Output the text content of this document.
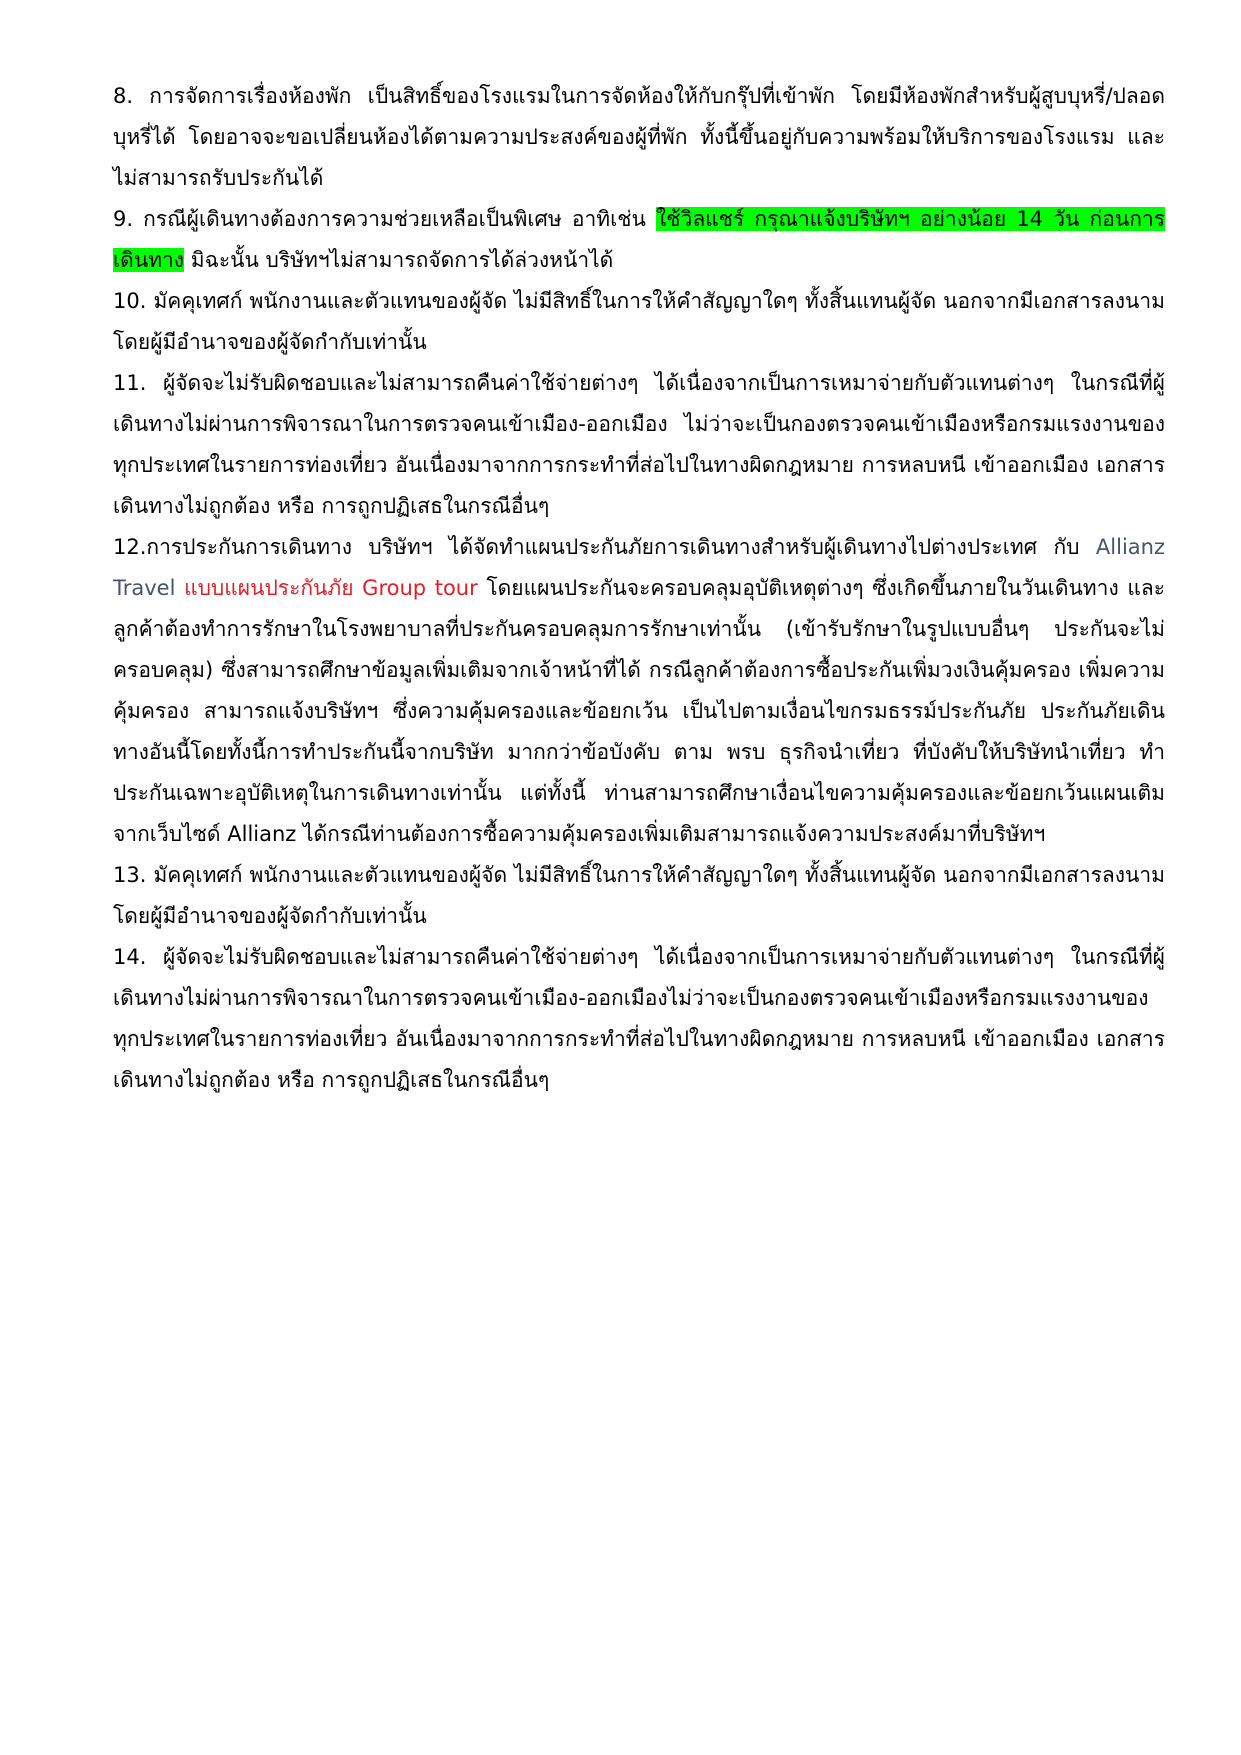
8. การจัดการเรื่องห้องพัก เป็นสิทธิ์ของโรงแรมในการจัดห้องให้กับกรุ๊ปที่เข้าพัก โดยมีห้องพักสำหรับผู้สูบบุหรี่/ปลอดบุหรี่ได้ โดยอาจจะขอเปลี่ยนห้องได้ตามความประสงค์ของผู้ที่พัก ทั้งนี้ขึ้นอยู่กับความพร้อมให้บริการของโรงแรม และไม่สามารถรับประกันได้

9. กรณีผู้เดินทางต้องการความช่วยเหลือเป็นพิเศษ อาทิเช่น ใช้วิลแชร์ กรุณาแจ้งบริษัทฯ อย่างน้อย 14 วัน ก่อนการเดินทาง มิฉะนั้น บริษัทฯไม่สามารถจัดการได้ล่วงหน้าได้

10. มัคคุเทศก์ พนักงานและตัวแทนของผู้จัด ไม่มีสิทธิ์ในการให้คำสัญญาใดๆ ทั้งสิ้นแทนผู้จัด นอกจากมีเอกสารลงนามโดยผู้มีอำนาจของผู้จัดกำกับเท่านั้น

11. ผู้จัดจะไม่รับผิดชอบและไม่สามารถคืนค่าใช้จ่ายต่างๆ ได้เนื่องจากเป็นการเหมาจ่ายกับตัวแทนต่างๆ ในกรณีที่ผู้เดินทางไม่ผ่านการพิจารณาในการตรวจคนเข้าเมือง-ออกเมือง ไม่ว่าจะเป็นกองตรวจคนเข้าเมืองหรือกรมแรงงานของทุกประเทศในรายการท่องเที่ยว อันเนื่องมาจากการกระทำที่ส่อไปในทางผิดกฎหมาย การหลบหนี เข้าออกเมือง เอกสารเดินทางไม่ถูกต้อง หรือ การถูกปฏิเสธในกรณีอื่นๆ

12.การประกันการเดินทาง บริษัทฯ ได้จัดทำแผนประกันภัยการเดินทางสำหรับผู้เดินทางไปต่างประเทศ กับ Allianz Travel แบบแผนประกันภัย Group tour โดยแผนประกันจะครอบคลุมอุบัติเหตุต่างๆ ซึ่งเกิดขึ้นภายในวันเดินทาง และลูกค้าต้องทำการรักษาในโรงพยาบาลที่ประกันครอบคลุมการรักษาเท่านั้น (เข้ารับรักษาในรูปแบบอื่นๆ ประกันจะไม่ครอบคลุม) ซึ่งสามารถศึกษาข้อมูลเพิ่มเติมจากเจ้าหน้าที่ได้ กรณีลูกค้าต้องการซื้อประกันเพิ่มวงเงินคุ้มครอง เพิ่มความคุ้มครอง สามารถแจ้งบริษัทฯ ซึ่งความคุ้มครองและข้อยกเว้น เป็นไปตามเงื่อนไขกรมธรรม์ประกันภัย ประกันภัยเดินทางอันนี้โดยทั้งนี้การทำประกันนี้จากบริษัท มากกว่าข้อบังคับ ตาม พรบ ธุรกิจนำเที่ยว ที่บังคับให้บริษัทนำเที่ยว ทำประกันเฉพาะอุบัติเหตุในการเดินทางเท่านั้น แต่ทั้งนี้ ท่านสามารถศึกษาเงื่อนไขความคุ้มครองและข้อยกเว้นแผนเติมจากเว็บไซด์ Allianz ได้กรณีท่านต้องการซื้อความคุ้มครองเพิ่มเติมสามารถแจ้งความประสงค์มาที่บริษัทฯ

13. มัคคุเทศก์ พนักงานและตัวแทนของผู้จัด ไม่มีสิทธิ์ในการให้คำสัญญาใดๆ ทั้งสิ้นแทนผู้จัด นอกจากมีเอกสารลงนามโดยผู้มีอำนาจของผู้จัดกำกับเท่านั้น

14. ผู้จัดจะไม่รับผิดชอบและไม่สามารถคืนค่าใช้จ่ายต่างๆ ได้เนื่องจากเป็นการเหมาจ่ายกับตัวแทนต่างๆ ในกรณีที่ผู้เดินทางไม่ผ่านการพิจารณาในการตรวจคนเข้าเมือง-ออกเมืองไม่ว่าจะเป็นกองตรวจคนเข้าเมืองหรือกรมแรงงานของทุกประเทศในรายการท่องเที่ยว อันเนื่องมาจากการกระทำที่ส่อไปในทางผิดกฎหมาย การหลบหนี เข้าออกเมือง เอกสารเดินทางไม่ถูกต้อง หรือ การถูกปฏิเสธในกรณีอื่นๆ
